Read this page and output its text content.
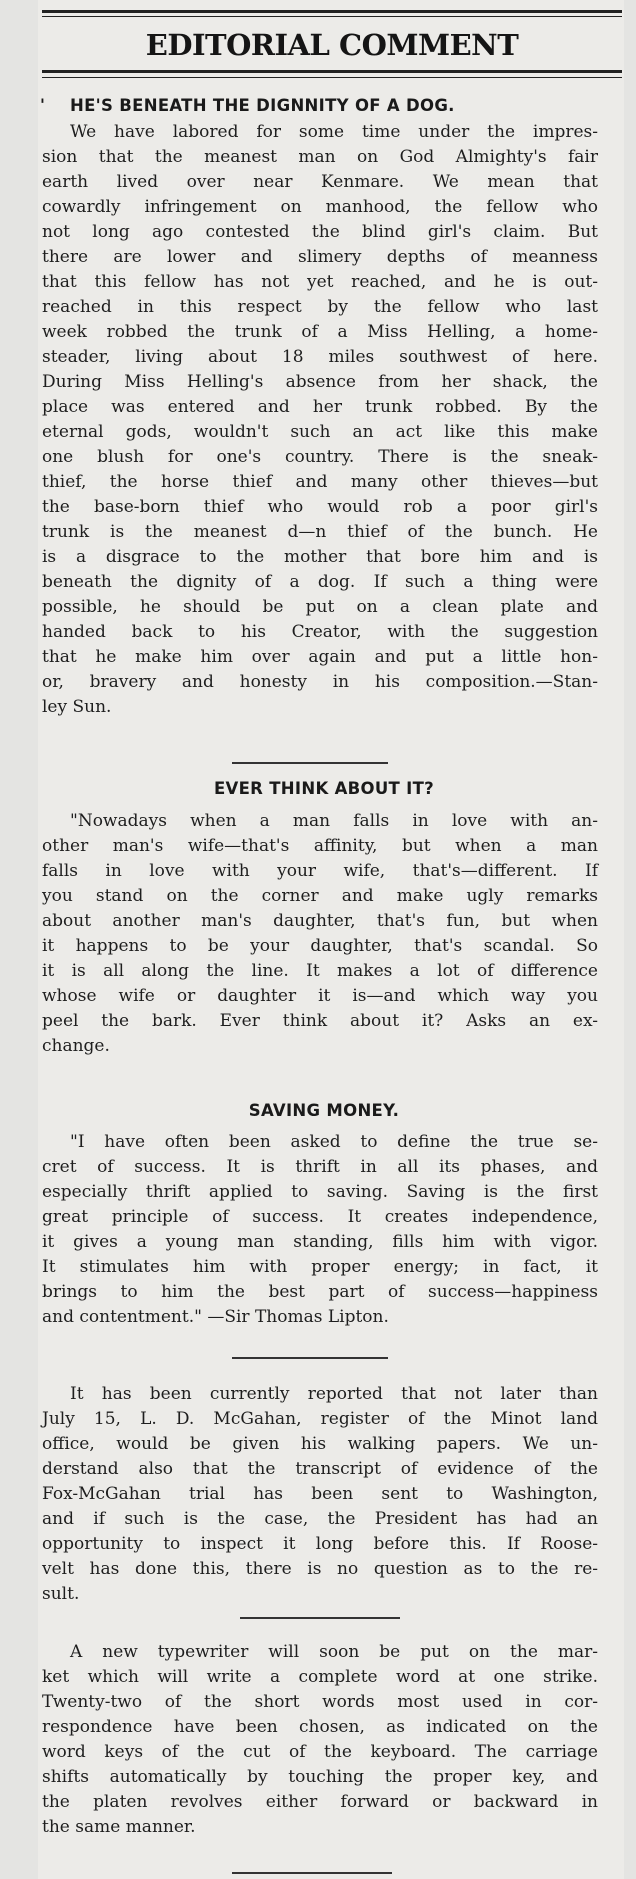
EDITORIAL COMMENT
' HE'S BENEATH THE DIGNNITY OF A DOG.
We have labored for some time under the impres-
sion that the meanest man on God Almighty's fair
earth lived over near Kenmare. We mean that
cowardly infringement on manhood, the fellow who
not long ago contested the blind girl's claim. But
there are lower and slimery depths of meanness
that this fellow has not yet reached, and he is out-
reached in this respect by the fellow who last
week robbed the trunk of a Miss Helling, a home-
steader, living about 18 miles southwest of here.
During Miss Helling's absence from her shack, the
place was entered and her trunk robbed. By the
eternal gods, wouldn't such an act like this make
one blush for one's country. There is the sneak-
thief, the horse thief and many other thieves—but
the base-born thief who would rob a poor girl's
trunk is the meanest d—n thief of the bunch. He
is a disgrace to the mother that bore him and is
beneath the dignity of a dog. If such a thing were
possible, he should be put on a clean plate and
handed back to his Creator, with the suggestion
that he make him over again and put a little hon-
or, bravery and honesty in his composition.—Stan-
ley Sun.
EVER THINK ABOUT IT?
"Nowadays when a man falls in love with an-
other man's wife—that's affinity, but when a man
falls in love with your wife, that's—different. If
you stand on the corner and make ugly remarks
about another man's daughter, that's fun, but when
it happens to be your daughter, that's scandal. So
it is all along the line. It makes a lot of difference
whose wife or daughter it is—and which way you
peel the bark. Ever think about it? Asks an ex-
change.
SAVING MONEY.
"I have often been asked to define the true se-
cret of success. It is thrift in all its phases, and
especially thrift applied to saving. Saving is the first
great principle of success. It creates independence,
it gives a young man standing, fills him with vigor.
It stimulates him with proper energy; in fact, it
brings to him the best part of success—happiness
and contentment." —Sir Thomas Lipton.
It has been currently reported that not later than
July 15, L. D. McGahan, register of the Minot land
office, would be given his walking papers. We un-
derstand also that the transcript of evidence of the
Fox-McGahan trial has been sent to Washington,
and if such is the case, the President has had an
opportunity to inspect it long before this. If Roose-
velt has done this, there is no question as to the re-
sult.
A new typewriter will soon be put on the mar-
ket which will write a complete word at one strike.
Twenty-two of the short words most used in cor-
respondence have been chosen, as indicated on the
word keys of the cut of the keyboard. The carriage
shifts automatically by touching the proper key, and
the platen revolves either forward or backward in
the same manner.
